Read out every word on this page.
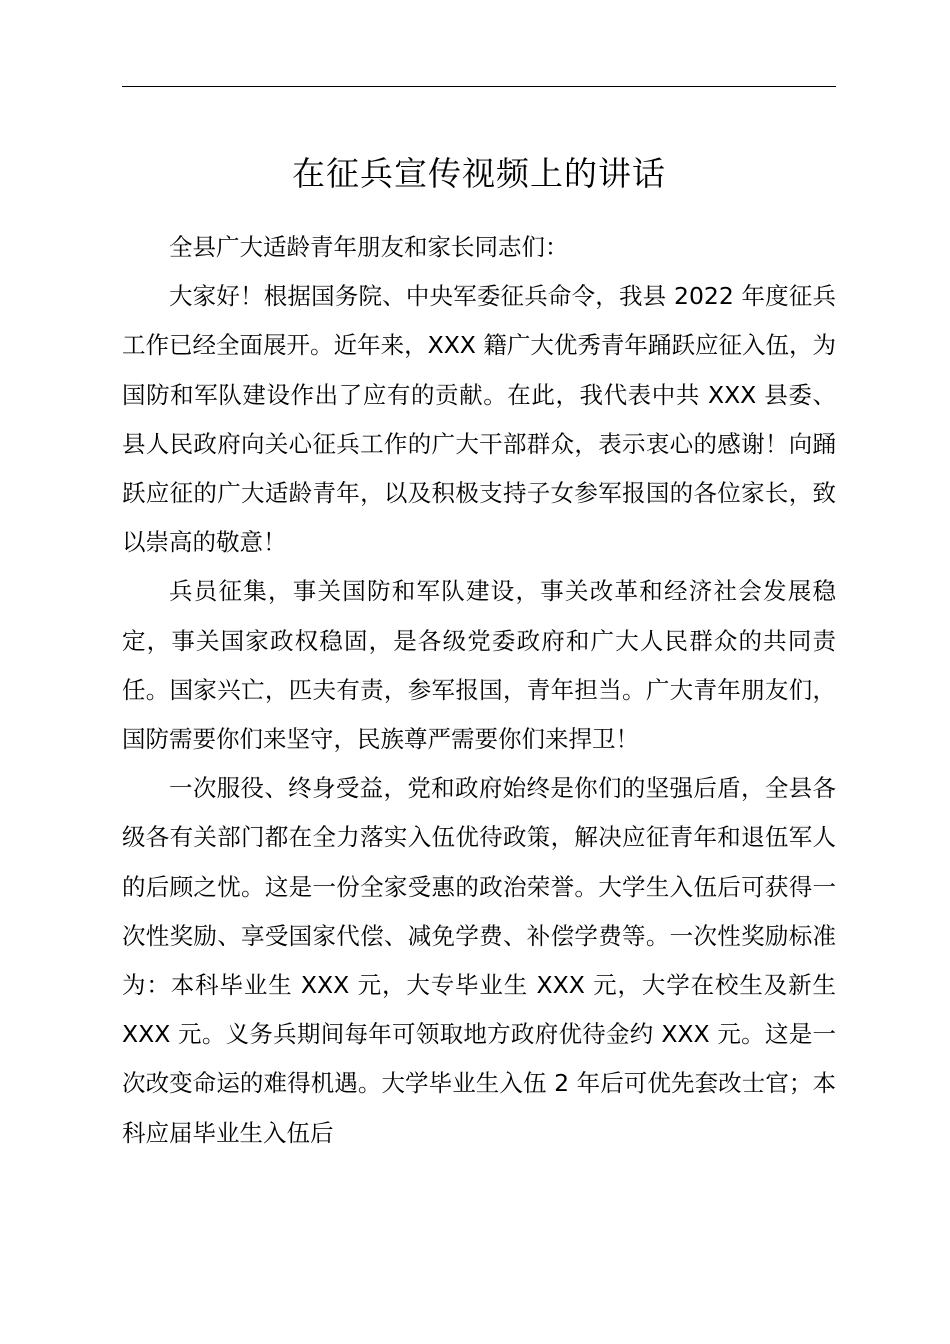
在征兵宣传视频上的讲话

全县广大适龄青年朋友和家长同志们：

大家好！根据国务院、中央军委征兵命令，我县 2022 年度征兵工作已经全面展开。近年来，XXX 籍广大优秀青年踊跃应征入伍，为国防和军队建设作出了应有的贡献。在此，我代表中共 XXX 县委、县人民政府向关心征兵工作的广大干部群众，表示衷心的感谢！向踊跃应征的广大适龄青年，以及积极支持子女参军报国的各位家长，致以崇高的敬意！

兵员征集，事关国防和军队建设，事关改革和经济社会发展稳定，事关国家政权稳固，是各级党委政府和广大人民群众的共同责任。国家兴亡，匹夫有责，参军报国，青年担当。广大青年朋友们，国防需要你们来坚守，民族尊严需要你们来捍卫！

一次服役、终身受益，党和政府始终是你们的坚强后盾，全县各级各有关部门都在全力落实入伍优待政策，解决应征青年和退伍军人的后顾之忧。这是一份全家受惠的政治荣誉。大学生入伍后可获得一次性奖励、享受国家代偿、减免学费、补偿学费等。一次性奖励标准为：本科毕业生 XXX 元，大专毕业生 XXX 元，大学在校生及新生 XXX 元。义务兵期间每年可领取地方政府优待金约 XXX 元。这是一次改变命运的难得机遇。大学毕业生入伍 2 年后可优先套改士官；本科应届毕业生入伍后
